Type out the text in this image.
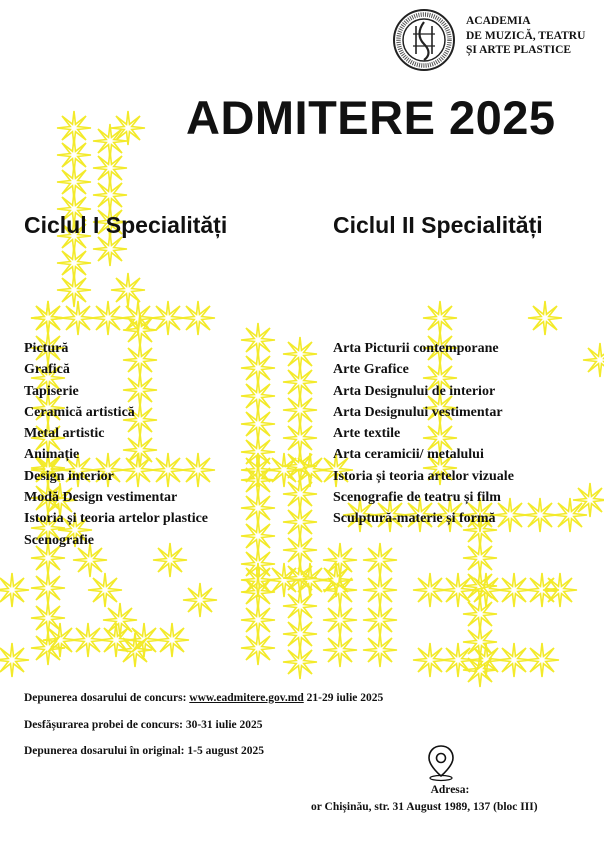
ACADEMIA
DE MUZICĂ, TEATRU
ȘI ARTE PLASTICE
ADMITERE 2025
Ciclul I Specialități	Ciclul II Specialități
Pictură
Grafică
Tapiserie
Ceramică artistică
Metal artistic
Animație
Design interior
Modă Design vestimentar
Istoria și teoria artelor plastice
Scenografie
Arta Picturii contemporane
Arte Grafice
Arta Designului de interior
Arta Designului vestimentar
Arte textile
Arta ceramicii/ metalului
Istoria și teoria artelor vizuale
Scenografie de teatru și film
Sculptură-materie și formă
Depunerea dosarului de concurs: www.eadmitere.gov.md 21-29 iulie 2025
Desfășurarea probei de concurs: 30-31 iulie 2025
Depunerea dosarului în original: 1-5 august 2025
Adresa:
or Chișinău, str. 31 August 1989, 137 (bloc III)
